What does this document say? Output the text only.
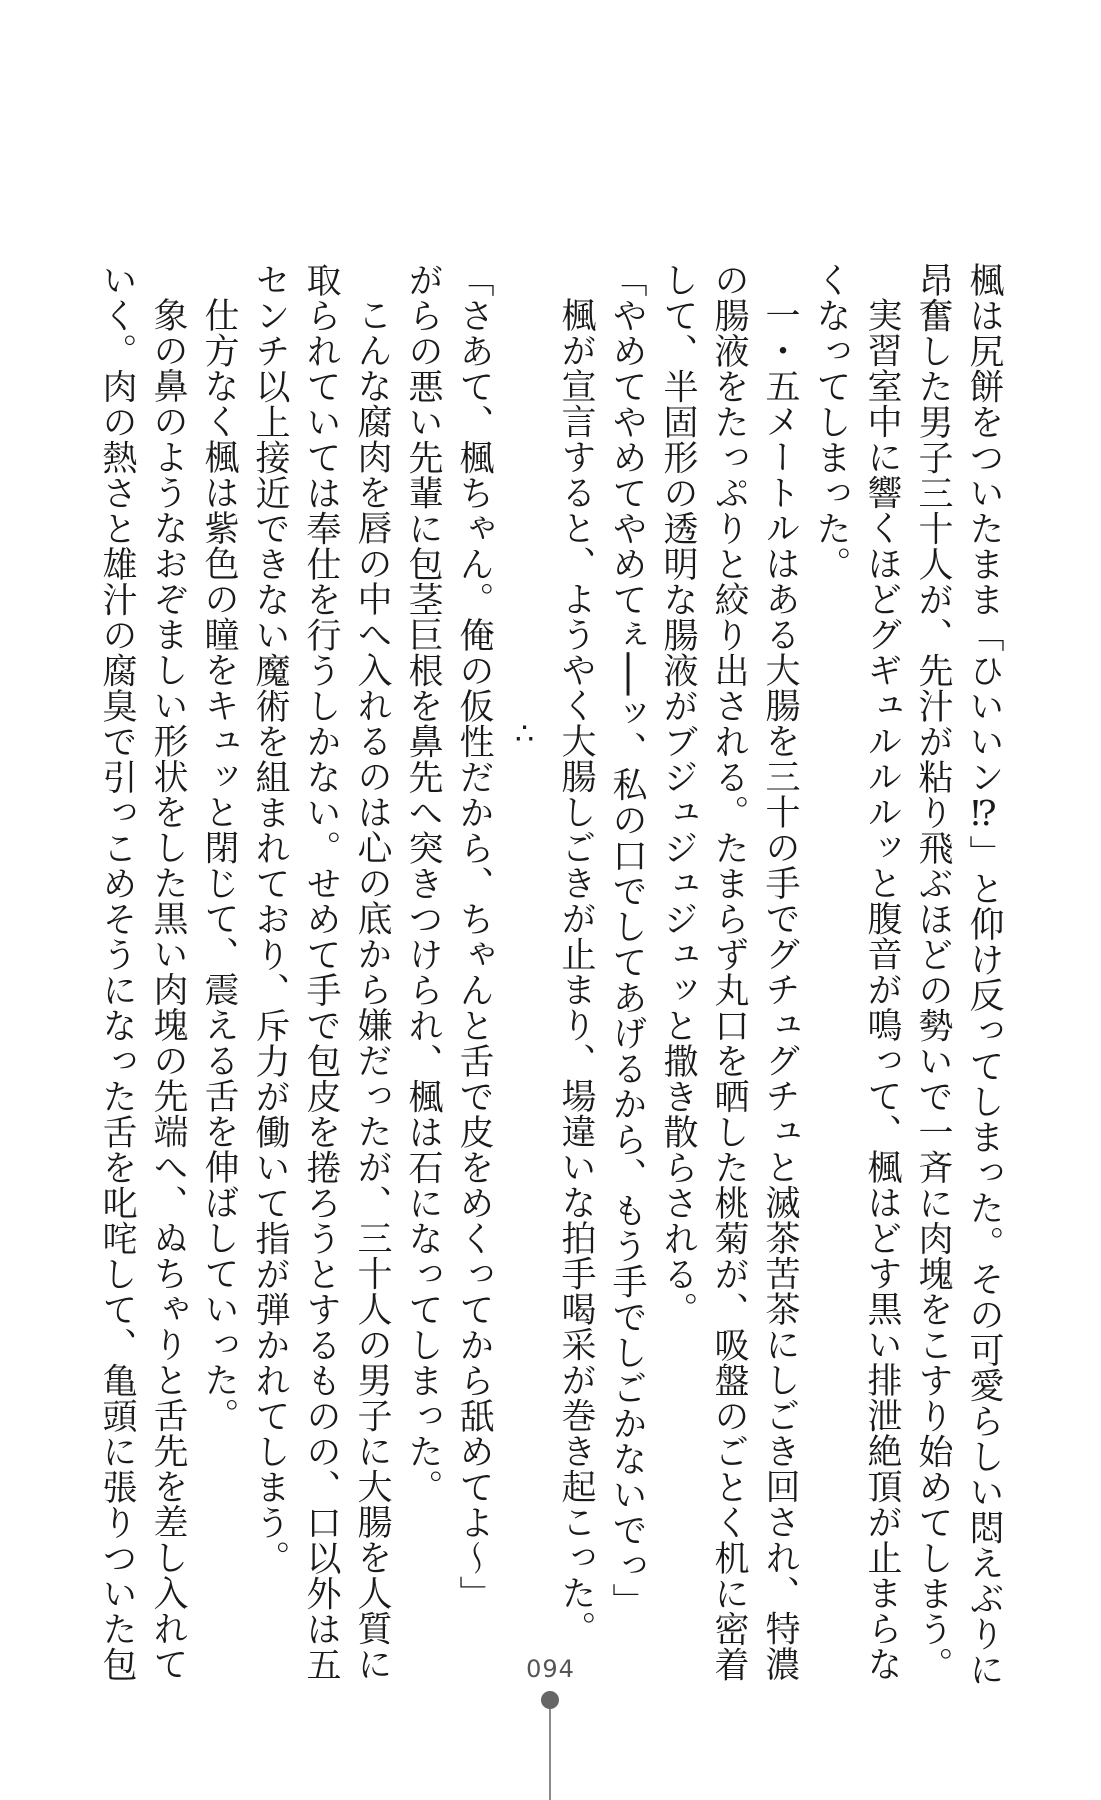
楓は尻餅をついたまま「ひいいン⁉」と仰け反ってしまった。その可愛らしい悶えぶりに

昂奮した男子三十人が、先汁が粘り飛ぶほどの勢いで一斉に肉塊をこすり始めてしまう。

実習室中に響くほどグギュルルルッと腹音が鳴って、楓はどす黒い排泄絶頂が止まらな

くなってしまった。

一・五メートルはある大腸を三十の手でグチュグチュと滅茶苦茶にしごき回され、特濃

の腸液をたっぷりと絞り出される。たまらず丸口を晒した桃菊が、吸盤のごとく机に密着

して、半固形の透明な腸液がブジュジュジュッと撒き散らされる。

「やめてやめてやめてぇ──ッ、私の口でしてあげるから、もう手でしごかないでっ」

楓が宣言すると、ようやく大腸しごきが止まり、場違いな拍手喝采が巻き起こった。

∴

「さあて、楓ちゃん。俺の仮性だから、ちゃんと舌で皮をめくってから舐めてよ～」

がらの悪い先輩に包茎巨根を鼻先へ突きつけられ、楓は石になってしまった。

こんな腐肉を唇の中へ入れるのは心の底から嫌だったが、三十人の男子に大腸を人質に

取られていては奉仕を行うしかない。せめて手で包皮を捲ろうとするものの、口以外は五

センチ以上接近できない魔術を組まれており、斥力が働いて指が弾かれてしまう。

仕方なく楓は紫色の瞳をキュッと閉じて、震える舌を伸ばしていった。

象の鼻のようなおぞましい形状をした黒い肉塊の先端へ、ぬちゃりと舌先を差し入れて

いく。肉の熱さと雄汁の腐臭で引っこめそうになった舌を叱咤して、亀頭に張りついた包	094
